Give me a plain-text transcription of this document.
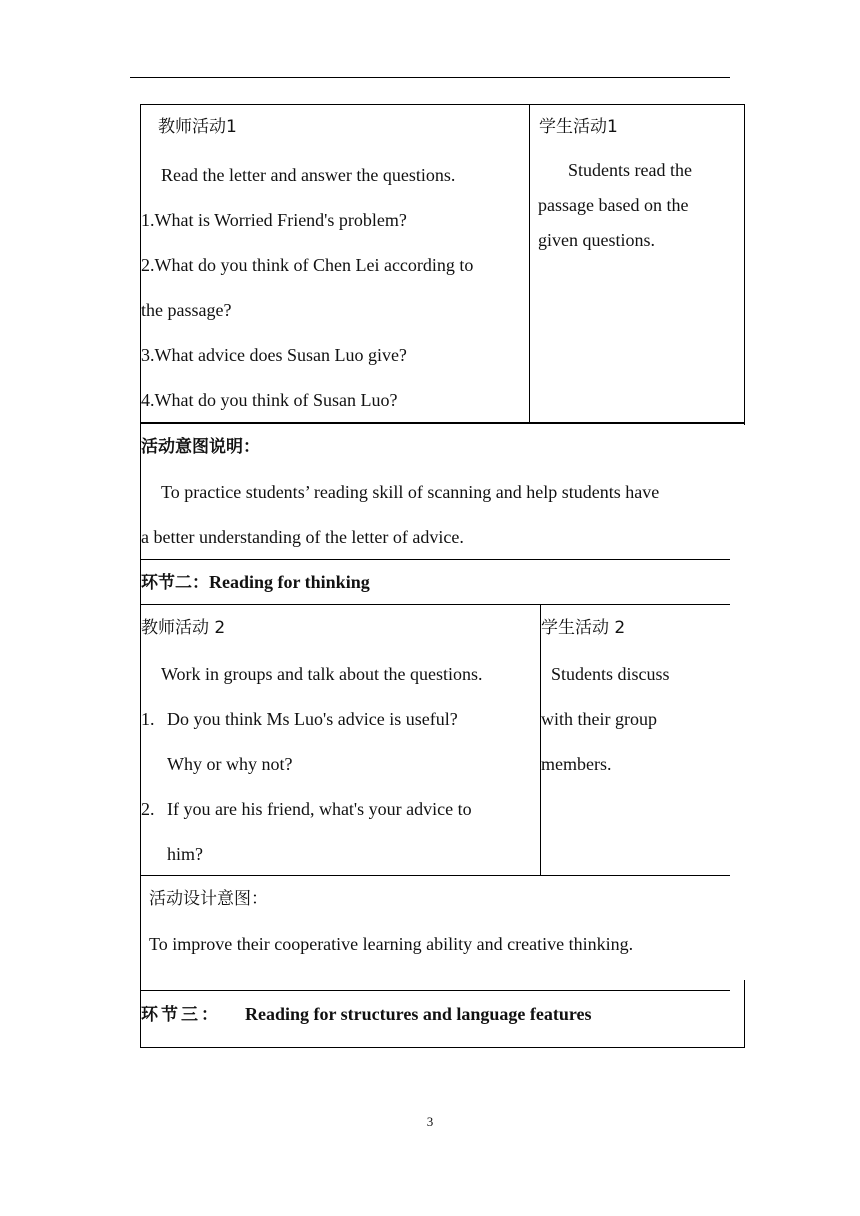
教师活动1
Read the letter and answer the questions.
1.What is Worried Friend's problem?
2.What do you think of Chen Lei according to
the passage?
3.What advice does Susan Luo give?
4.What do you think of Susan Luo?
学生活动1
Students read the
passage based on the
given questions.
活动意图说明：
To practice students’ reading skill of scanning and help students have
a better understanding of the letter of advice.
环节二：Reading for thinking
教师活动 2
Work in groups and talk about the questions.
1. Do you think Ms Luo's advice is useful?
Why or why not?
2. If you are his friend, what's your advice to
him?
学生活动 2
Students discuss
with their group
members.
活动设计意图：
To improve their cooperative learning ability and creative thinking.
环节三： Reading for structures and language features
3
